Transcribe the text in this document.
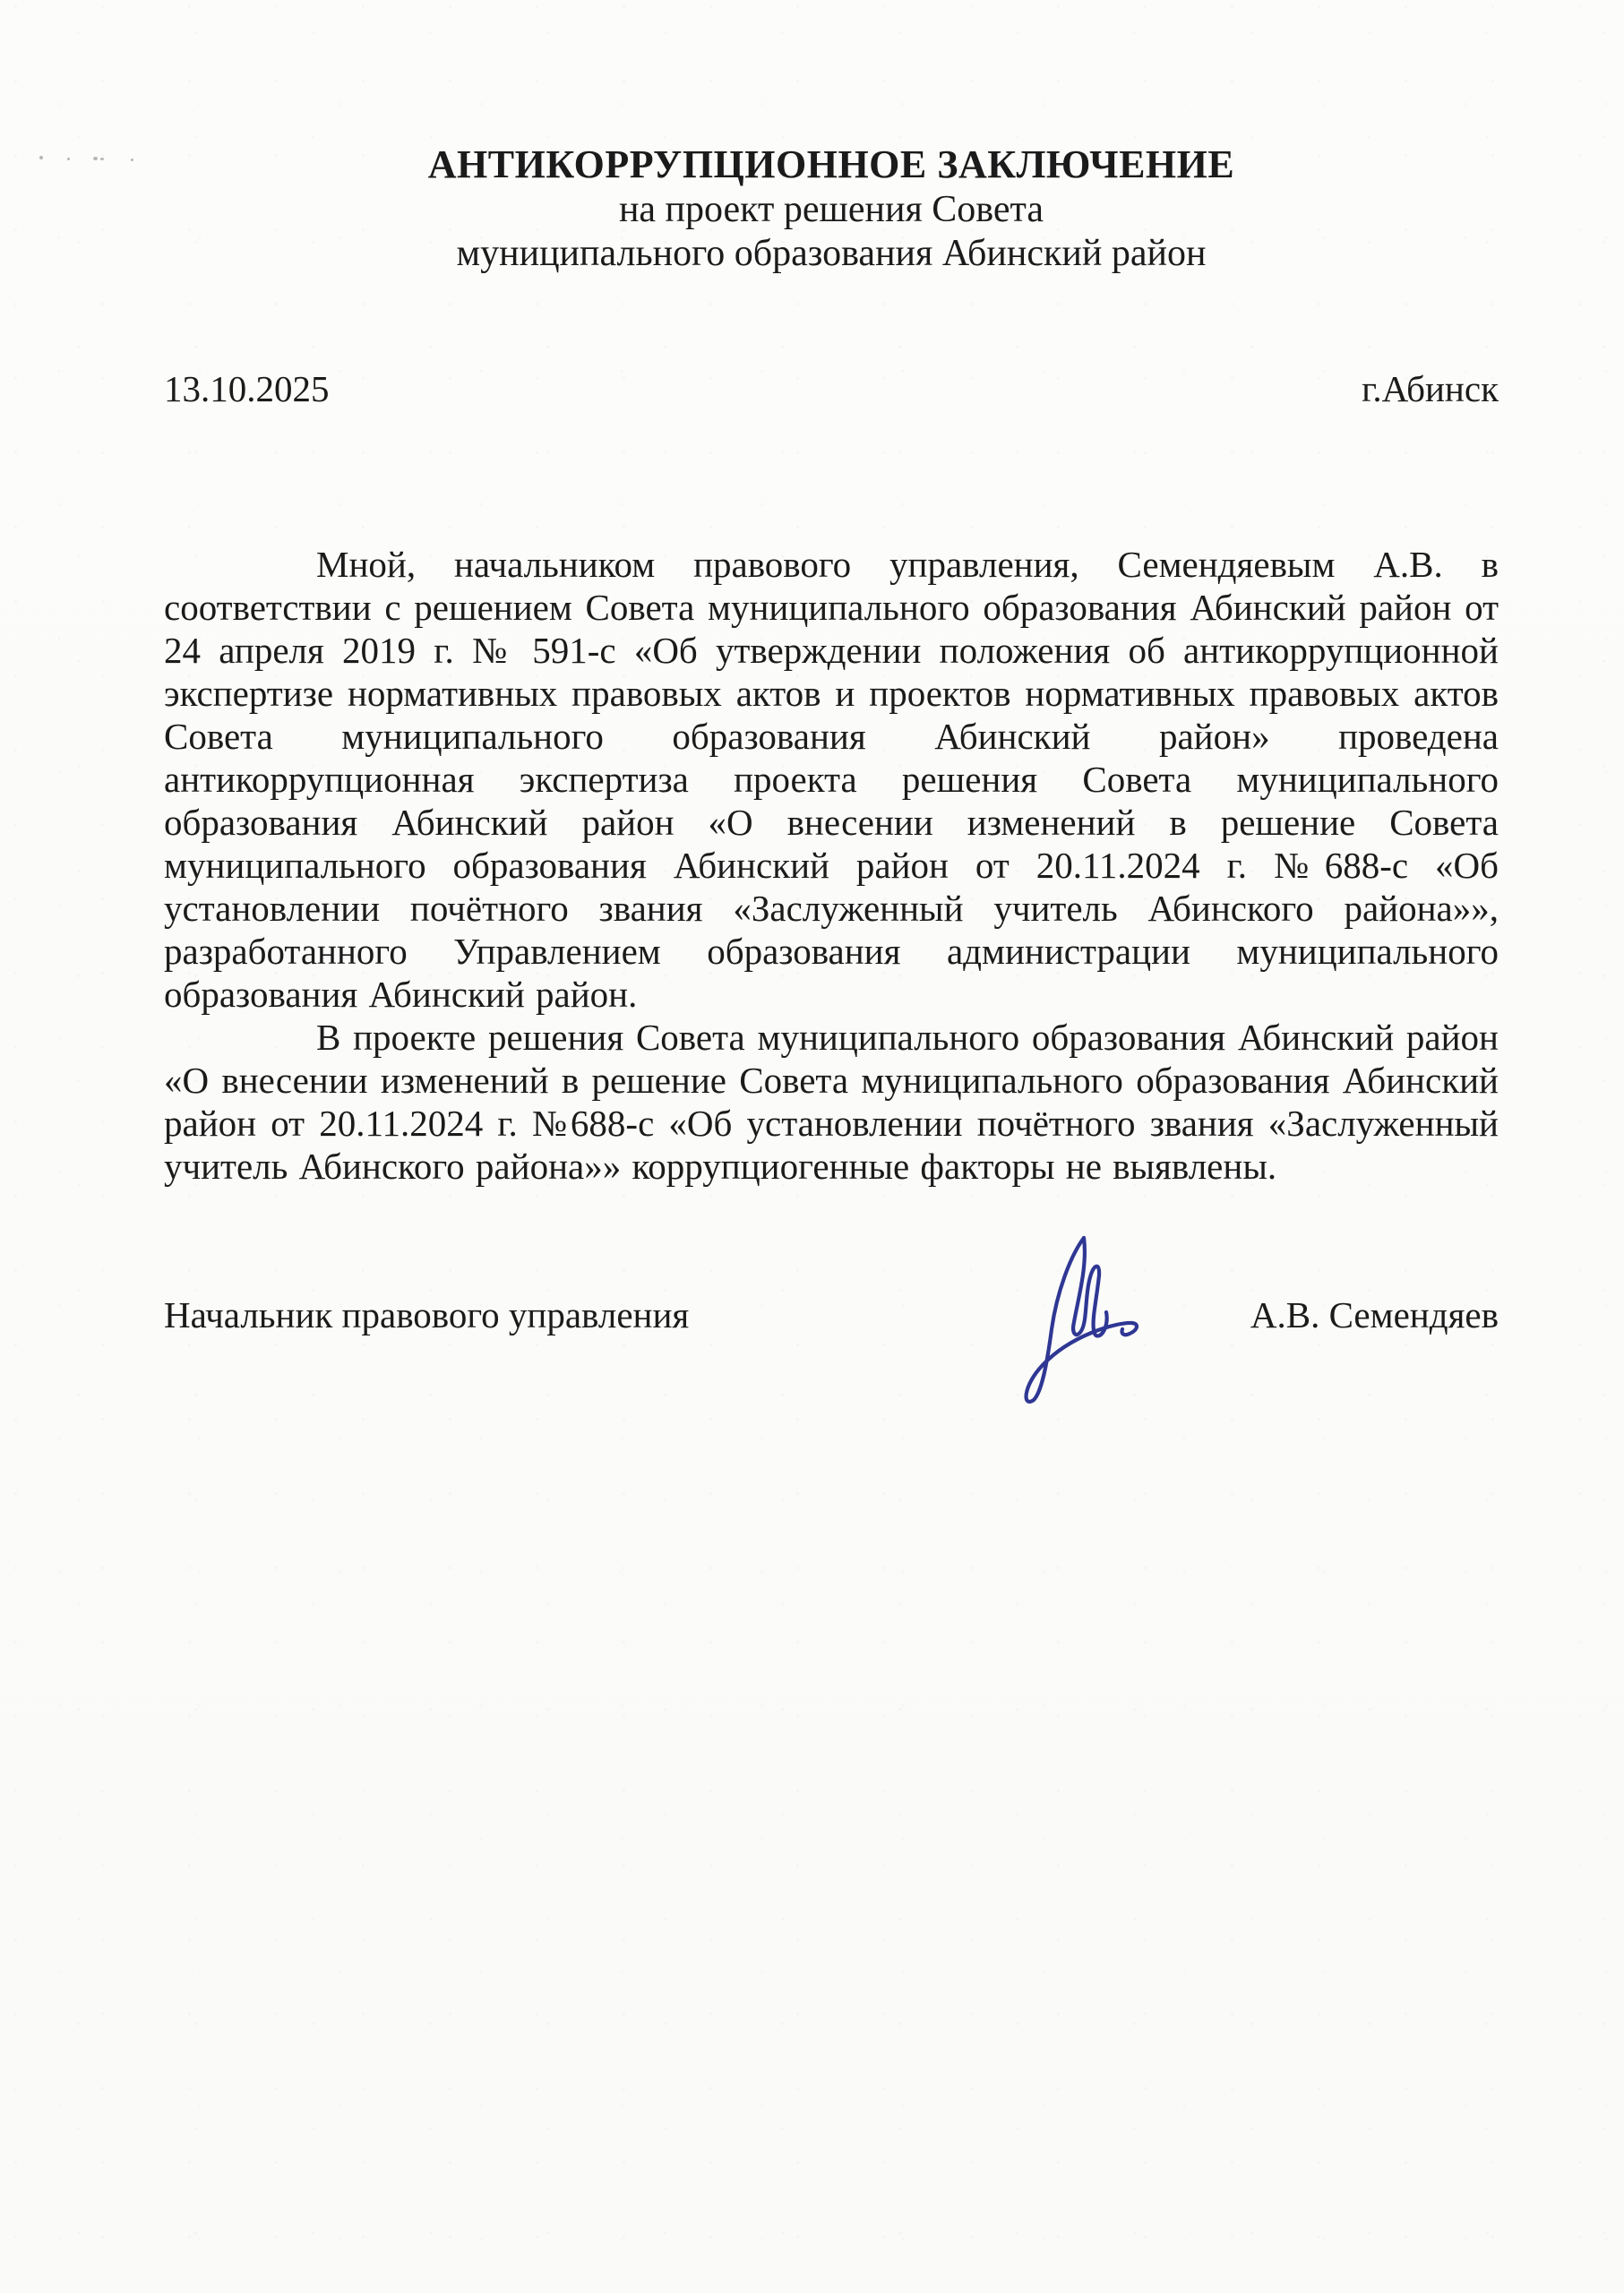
АНТИКОРРУПЦИОННОЕ ЗАКЛЮЧЕНИЕ
на проект решения Совета
муниципального образования Абинский район
13.10.2025	г.Абинск

Мной, начальником правового управления, Семендяевым А.В. в соответствии с решением Совета муниципального образования Абинский район от 24 апреля 2019 г. № 591-с «Об утверждении положения об антикоррупционной экспертизе нормативных правовых актов и проектов нормативных правовых актов Совета муниципального образования Абинский район» проведена антикоррупционная экспертиза проекта решения Совета муниципального образования Абинский район «О внесении изменений в решение Совета муниципального образования Абинский район от 20.11.2024 г. №688-с «Об установлении почётного звания «Заслуженный учитель Абинского района»», разработанного Управлением образования администрации муниципального образования Абинский район.

В проекте решения Совета муниципального образования Абинский район «О внесении изменений в решение Совета муниципального образования Абинский район от 20.11.2024 г. №688-с «Об установлении почётного звания «Заслуженный учитель Абинского района»» коррупциогенные факторы не выявлены.

Начальник правового управления	А.В. Семендяев
